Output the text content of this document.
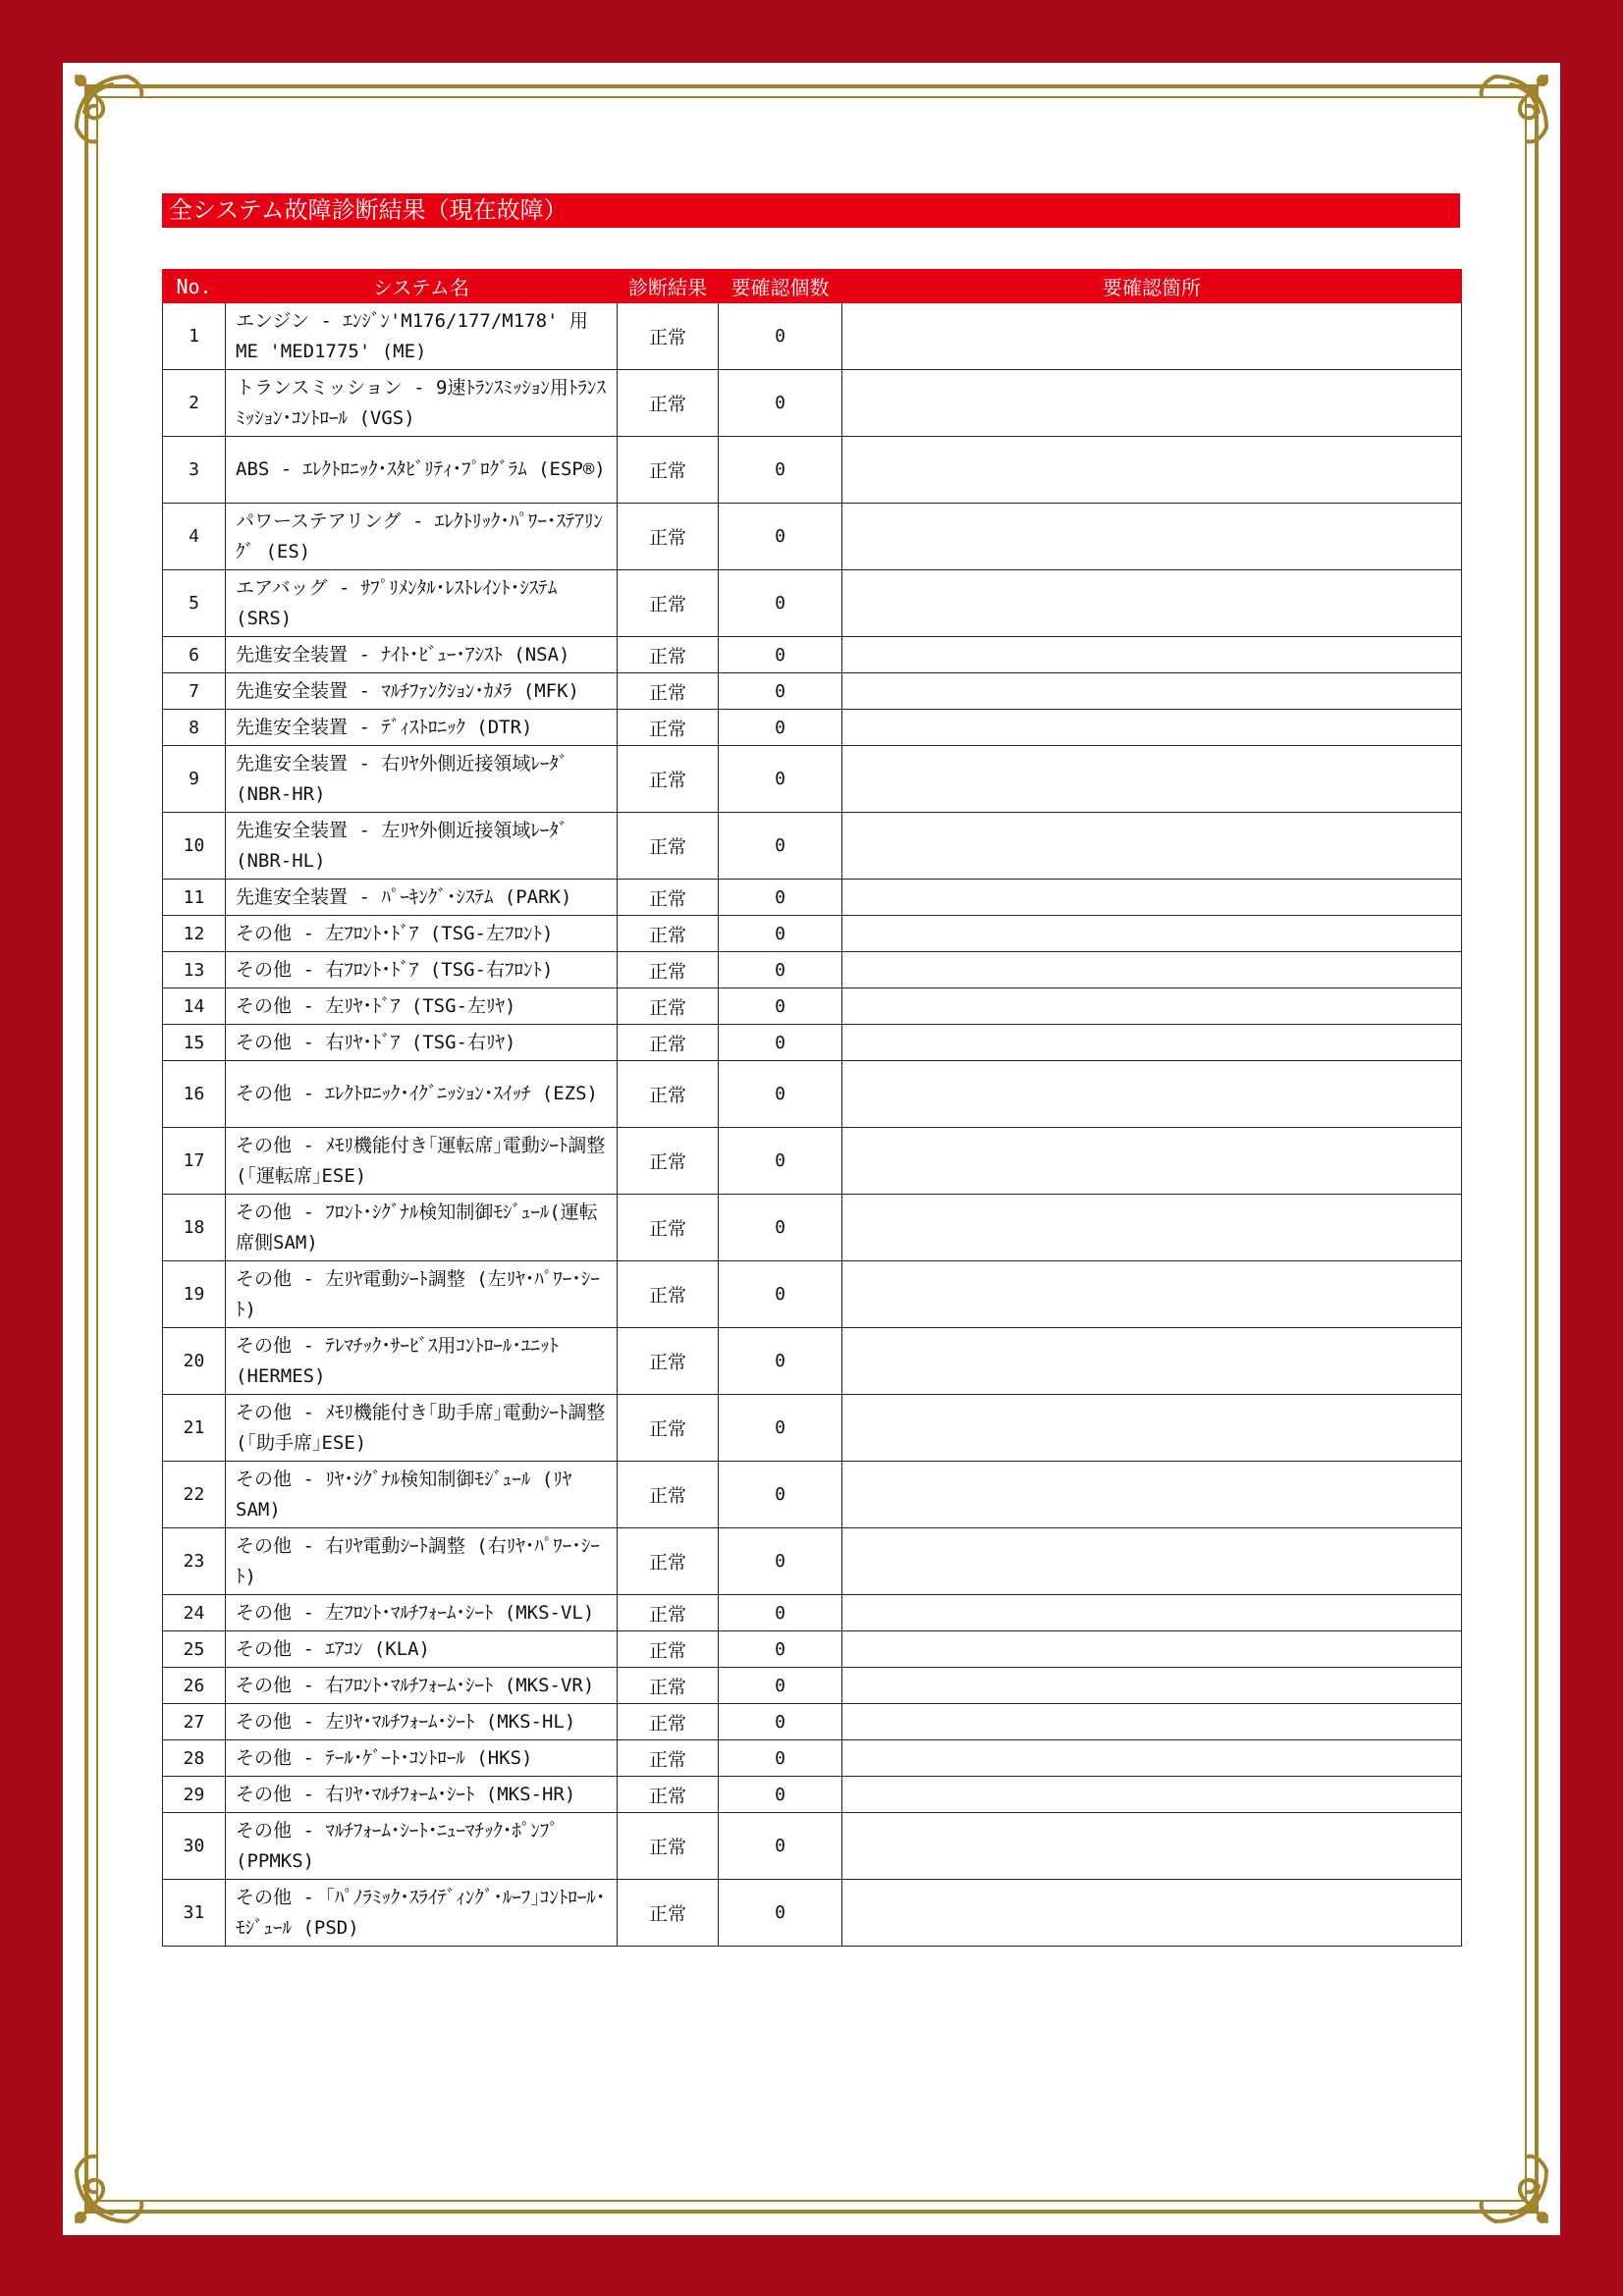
全システム故障診断結果（現在故障）
No.	システム名	診断結果	要確認個数	要確認箇所
1	エンジン - ｴﾝｼﾞﾝ'M176/177/M178' 用ME 'MED1775' (ME)	正常	0	
2	トランスミッション - 9速ﾄﾗﾝｽﾐｯｼｮﾝ用ﾄﾗﾝｽﾐｯｼｮﾝ･ｺﾝﾄﾛｰﾙ (VGS)	正常	0	
3	ABS - ｴﾚｸﾄﾛﾆｯｸ･ｽﾀﾋﾞﾘﾃｨ･ﾌﾟﾛｸﾞﾗﾑ (ESP®)	正常	0	
4	パワーステアリング - ｴﾚｸﾄﾘｯｸ･ﾊﾟﾜｰ･ｽﾃｱﾘﾝｸﾞ (ES)	正常	0	
5	エアバッグ - ｻﾌﾟﾘﾒﾝﾀﾙ･ﾚｽﾄﾚｲﾝﾄ･ｼｽﾃﾑ (SRS)	正常	0	
6	先進安全装置 - ﾅｲﾄ･ﾋﾞｭｰ･ｱｼｽﾄ (NSA)	正常	0	
7	先進安全装置 - ﾏﾙﾁﾌｧﾝｸｼｮﾝ･ｶﾒﾗ (MFK)	正常	0	
8	先進安全装置 - ﾃﾞｨｽﾄﾛﾆｯｸ (DTR)	正常	0	
9	先進安全装置 - 右ﾘﾔ外側近接領域ﾚｰﾀﾞ (NBR-HR)	正常	0	
10	先進安全装置 - 左ﾘﾔ外側近接領域ﾚｰﾀﾞ (NBR-HL)	正常	0	
11	先進安全装置 - ﾊﾟｰｷﾝｸﾞ･ｼｽﾃﾑ (PARK)	正常	0	
12	その他 - 左ﾌﾛﾝﾄ･ﾄﾞｱ (TSG-左ﾌﾛﾝﾄ)	正常	0	
13	その他 - 右ﾌﾛﾝﾄ･ﾄﾞｱ (TSG-右ﾌﾛﾝﾄ)	正常	0	
14	その他 - 左ﾘﾔ･ﾄﾞｱ (TSG-左ﾘﾔ)	正常	0	
15	その他 - 右ﾘﾔ･ﾄﾞｱ (TSG-右ﾘﾔ)	正常	0	
16	その他 - ｴﾚｸﾄﾛﾆｯｸ･ｲｸﾞﾆｯｼｮﾝ･ｽｲｯﾁ (EZS)	正常	0	
17	その他 - ﾒﾓﾘ機能付き｢運転席｣電動ｼｰﾄ調整 (｢運転席｣ESE)	正常	0	
18	その他 - ﾌﾛﾝﾄ･ｼｸﾞﾅﾙ検知制御ﾓｼﾞｭｰﾙ(運転席側SAM)	正常	0	
19	その他 - 左ﾘﾔ電動ｼｰﾄ調整 (左ﾘﾔ･ﾊﾟﾜｰ･ｼｰﾄ)	正常	0	
20	その他 - ﾃﾚﾏﾁｯｸ･ｻｰﾋﾞｽ用ｺﾝﾄﾛｰﾙ･ﾕﾆｯﾄ (HERMES)	正常	0	
21	その他 - ﾒﾓﾘ機能付き｢助手席｣電動ｼｰﾄ調整 (｢助手席｣ESE)	正常	0	
22	その他 - ﾘﾔ･ｼｸﾞﾅﾙ検知制御ﾓｼﾞｭｰﾙ (ﾘﾔSAM)	正常	0	
23	その他 - 右ﾘﾔ電動ｼｰﾄ調整 (右ﾘﾔ･ﾊﾟﾜｰ･ｼｰﾄ)	正常	0	
24	その他 - 左ﾌﾛﾝﾄ･ﾏﾙﾁﾌｫｰﾑ･ｼｰﾄ (MKS-VL)	正常	0	
25	その他 - ｴｱｺﾝ (KLA)	正常	0	
26	その他 - 右ﾌﾛﾝﾄ･ﾏﾙﾁﾌｫｰﾑ･ｼｰﾄ (MKS-VR)	正常	0	
27	その他 - 左ﾘﾔ･ﾏﾙﾁﾌｫｰﾑ･ｼｰﾄ (MKS-HL)	正常	0	
28	その他 - ﾃｰﾙ･ｹﾞｰﾄ･ｺﾝﾄﾛｰﾙ (HKS)	正常	0	
29	その他 - 右ﾘﾔ･ﾏﾙﾁﾌｫｰﾑ･ｼｰﾄ (MKS-HR)	正常	0	
30	その他 - ﾏﾙﾁﾌｫｰﾑ･ｼｰﾄ･ﾆｭｰﾏﾁｯｸ･ﾎﾟﾝﾌﾟ (PPMKS)	正常	0	
31	その他 - ｢ﾊﾟﾉﾗﾐｯｸ･ｽﾗｲﾃﾞｨﾝｸﾞ･ﾙｰﾌ｣ｺﾝﾄﾛｰﾙ･ﾓｼﾞｭｰﾙ (PSD)	正常	0	
